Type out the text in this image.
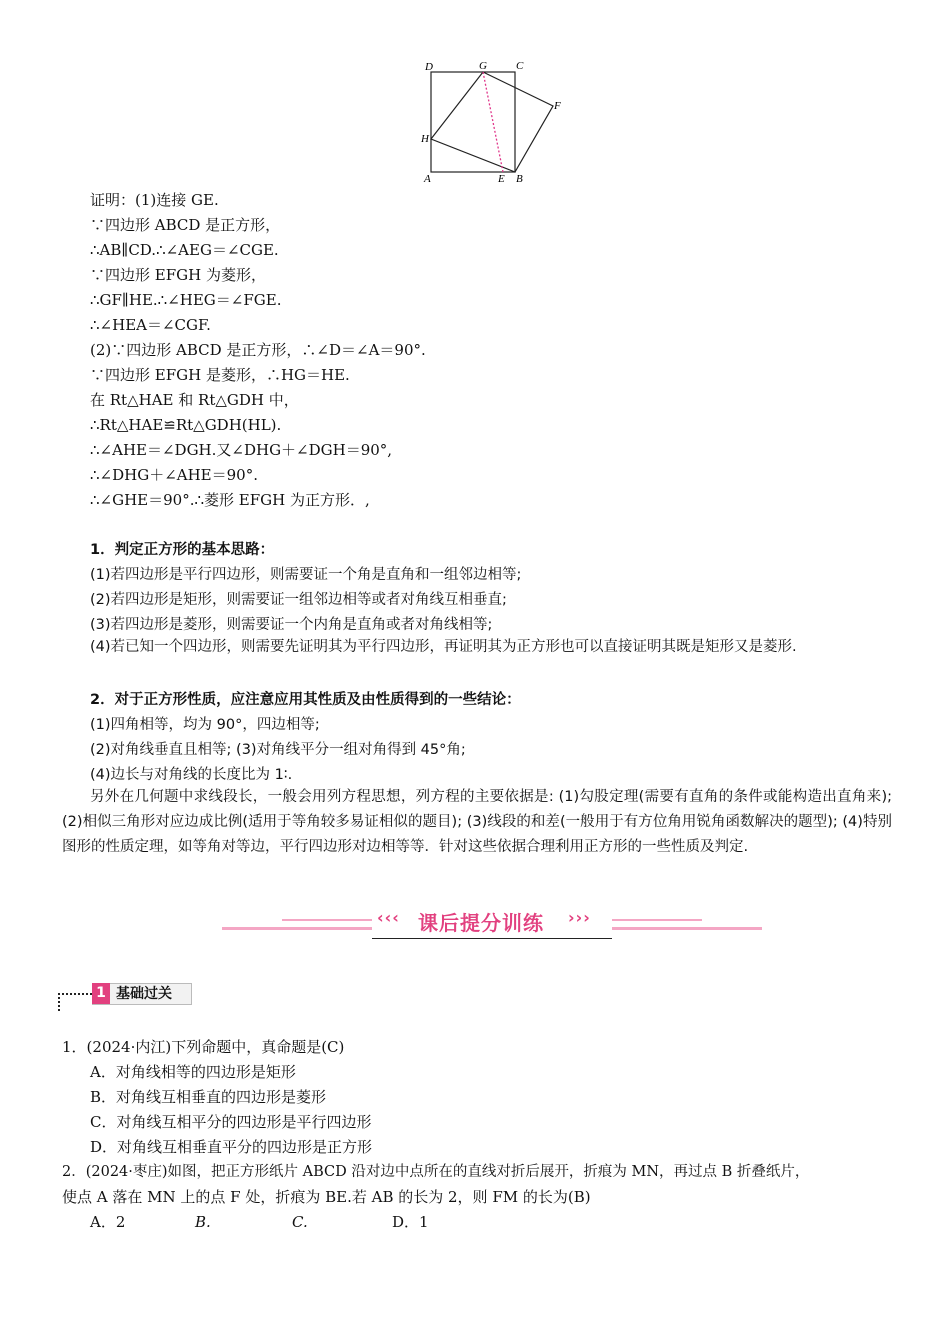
D	G	C
F
H
A	E B
证明：(1)连接 GE.
∵四边形 ABCD 是正方形，
∴AB∥CD.∴∠AEG＝∠CGE.
∵四边形 EFGH 为菱形，
∴GF∥HE.∴∠HEG＝∠FGE.
∴∠HEA＝∠CGF.
(2)∵四边形 ABCD 是正方形，∴∠D＝∠A＝90°.
∵四边形 EFGH 是菱形，∴HG＝HE.
在 Rt△HAE 和 Rt△GDH 中，
∴Rt△HAE≌Rt△GDH(HL).
∴∠AHE＝∠DGH.又∠DHG＋∠DGH＝90°,
∴∠DHG＋∠AHE＝90°.
∴∠GHE＝90°.∴菱形 EFGH 为正方形．,
1．判定正方形的基本思路：
(1)若四边形是平行四边形，则需要证一个角是直角和一组邻边相等;
(2)若四边形是矩形，则需要证一组邻边相等或者对角线互相垂直;
(3)若四边形是菱形，则需要证一个内角是直角或者对角线相等;
(4)若已知一个四边形，则需要先证明其为平行四边形，再证明其为正方形也可以直接证明其既是矩形又是菱形.
2．对于正方形性质，应注意应用其性质及由性质得到的一些结论：
(1)四角相等，均为 90°，四边相等;
(2)对角线垂直且相等; (3)对角线平分一组对角得到 45°角;
(4)边长与对角线的长度比为 1∶.
另外在几何题中求线段长，一般会用列方程思想，列方程的主要依据是: (1)勾股定理(需要有直角的条件或能构造出直角来); (2)相似三角形对应边成比例(适用于等角较多易证相似的题目); (3)线段的和差(一般用于有方位角用锐角函数解决的题型); (4)特别图形的性质定理，如等角对等边，平行四边形对边相等等．针对这些依据合理利用正方形的一些性质及判定.
‹‹‹ 课后提分训练 ›››
1 基础过关
1．(2024·内江)下列命题中，真命题是(C)
A．对角线相等的四边形是矩形
B．对角线互相垂直的四边形是菱形
C．对角线互相平分的四边形是平行四边形
D．对角线互相垂直平分的四边形是正方形
2．(2024·枣庄)如图，把正方形纸片 ABCD 沿对边中点所在的直线对折后展开，折痕为 MN，再过点 B 折叠纸片，
使点 A 落在 MN 上的点 F 处，折痕为 BE.若 AB 的长为 2，则 FM 的长为(B)
A．2	B.	C.	D．1
